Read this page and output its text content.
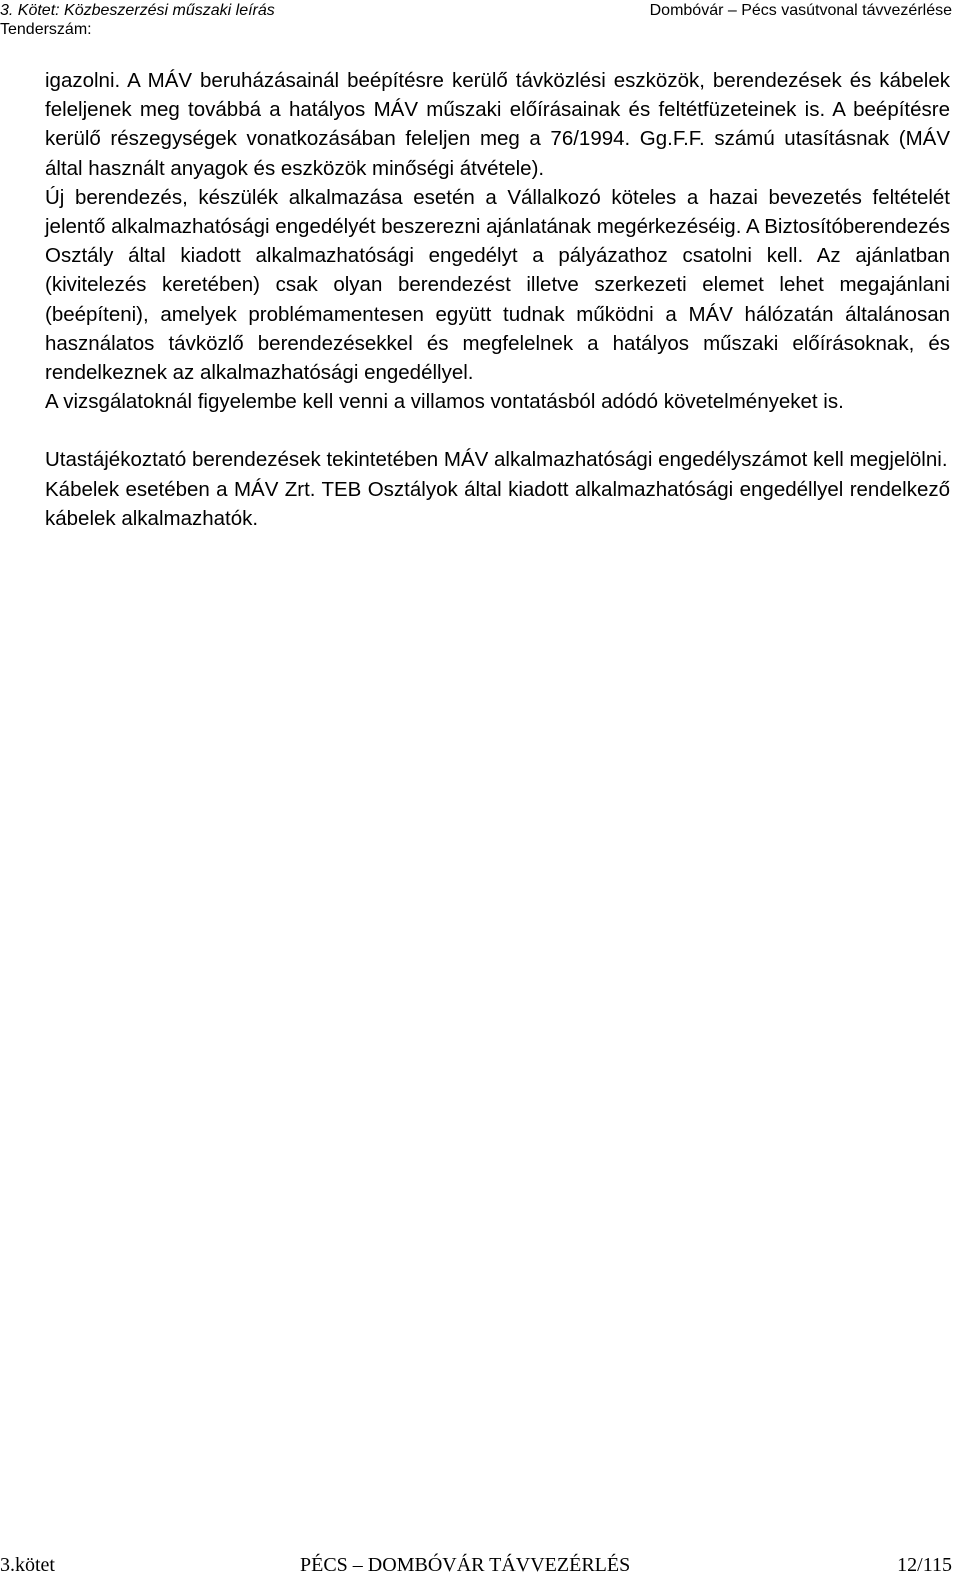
3. Kötet: Közbeszerzési műszaki leírás
Tenderszám:
Dombóvár – Pécs vasútvonal távvezérlése

igazolni. A MÁV beruházásainál beépítésre kerülő távközlési eszközök, berendezések és kábelek feleljenek meg továbbá a hatályos MÁV műszaki előírásainak és feltétfüzeteinek is. A beépítésre kerülő részegységek vonatkozásában feleljen meg a 76/1994. Gg.F.F. számú utasításnak (MÁV által használt anyagok és eszközök minőségi átvétele).

Új berendezés, készülék alkalmazása esetén a Vállalkozó köteles a hazai bevezetés feltételét jelentő alkalmazhatósági engedélyét beszerezni ajánlatának megérkezéséig. A Biztosítóberendezés Osztály által kiadott alkalmazhatósági engedélyt a pályázathoz csatolni kell. Az ajánlatban (kivitelezés keretében) csak olyan berendezést illetve szerkezeti elemet lehet megajánlani (beépíteni), amelyek problémamentesen együtt tudnak működni a MÁV hálózatán általánosan használatos távközlő berendezésekkel és megfelelnek a hatályos műszaki előírásoknak, és rendelkeznek az alkalmazhatósági engedéllyel.

A vizsgálatoknál figyelembe kell venni a villamos vontatásból adódó követelményeket is.

Utastájékoztató berendezések tekintetében MÁV alkalmazhatósági engedélyszámot kell megjelölni.

Kábelek esetében a MÁV Zrt. TEB Osztályok által kiadott alkalmazhatósági engedéllyel rendelkező kábelek alkalmazhatók.

3.kötet	PÉCS – DOMBÓVÁR TÁVVEZÉRLÉS	12/115
